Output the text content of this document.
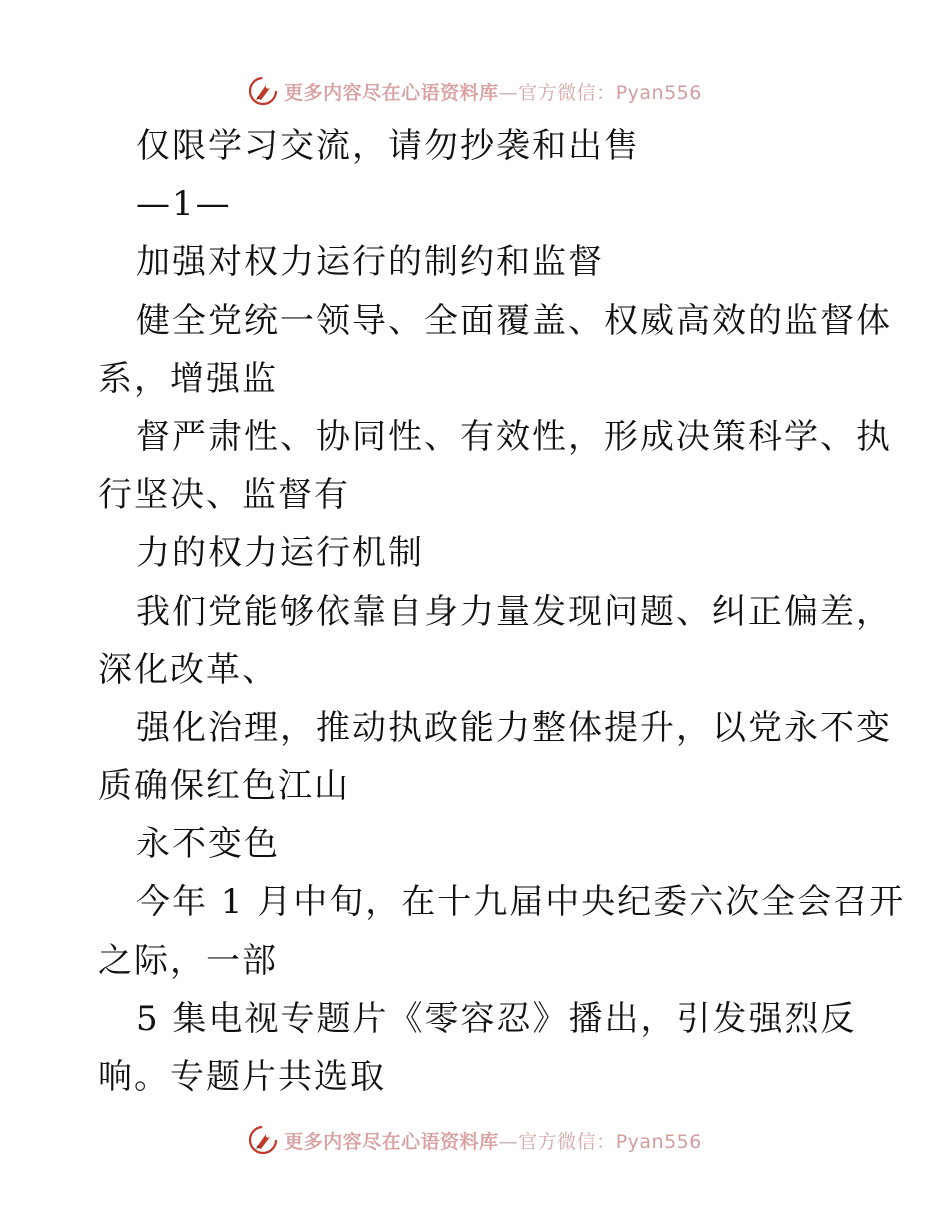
更多内容尽在心语资料库—官方微信：Pyan556
仅限学习交流，请勿抄袭和出售
—1—
加强对权力运行的制约和监督
健全党统一领导、全面覆盖、权威高效的监督体
系，增强监
督严肃性、协同性、有效性，形成决策科学、执
行坚决、监督有
力的权力运行机制
我们党能够依靠自身力量发现问题、纠正偏差，
深化改革、
强化治理，推动执政能力整体提升，以党永不变
质确保红色江山
永不变色
今年 1 月中旬，在十九届中央纪委六次全会召开
之际，一部
5 集电视专题片《零容忍》播出，引发强烈反
响。专题片共选取
更多内容尽在心语资料库—官方微信：Pyan556
